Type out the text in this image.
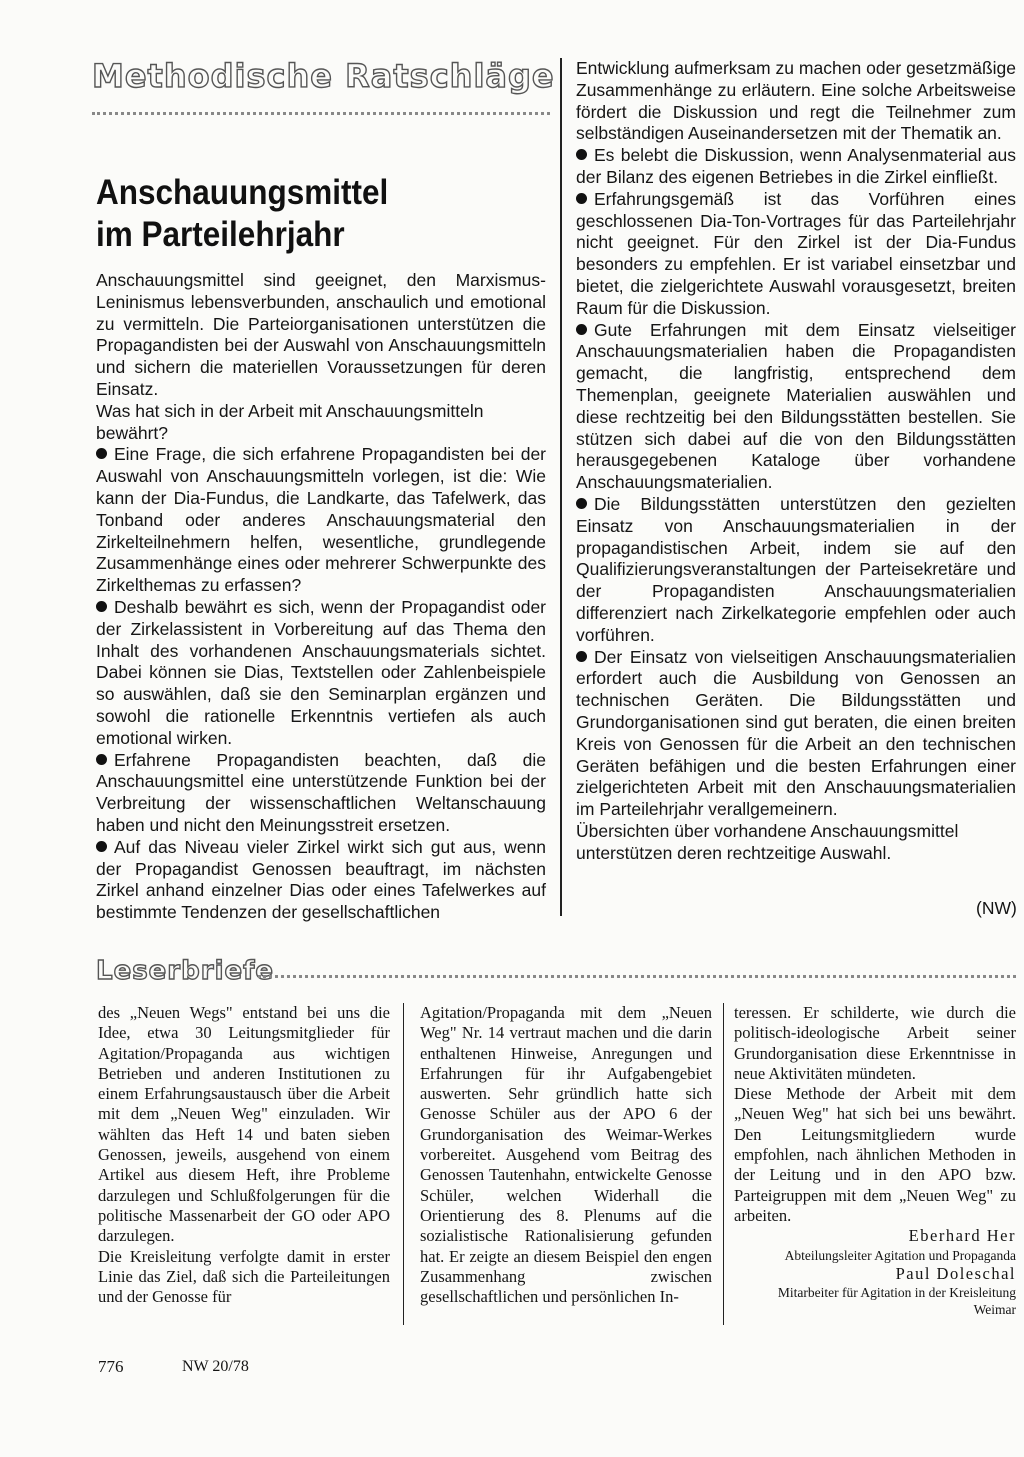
Methodische Ratschläge
Anschauungsmittel
im Parteilehrjahr

Anschauungsmittel sind geeignet, den Marxismus-Leninismus lebensverbunden, anschaulich und emotional zu vermitteln. Die Parteiorganisationen unterstützen die Propagandisten bei der Auswahl von Anschauungsmitteln und sichern die materiellen Voraussetzungen für deren Einsatz.

Was hat sich in der Arbeit mit Anschauungsmitteln bewährt?

Eine Frage, die sich erfahrene Propagandisten bei der Auswahl von Anschauungsmitteln vorlegen, ist die: Wie kann der Dia-Fundus, die Landkarte, das Tafelwerk, das Tonband oder anderes Anschauungsmaterial den Zirkelteilnehmern helfen, wesentliche, grundlegende Zusammenhänge eines oder mehrerer Schwerpunkte des Zirkelthemas zu erfassen?

Deshalb bewährt es sich, wenn der Propagandist oder der Zirkelassistent in Vorbereitung auf das Thema den Inhalt des vorhandenen Anschauungsmaterials sichtet. Dabei können sie Dias, Textstellen oder Zahlenbeispiele so auswählen, daß sie den Seminarplan ergänzen und sowohl die rationelle Erkenntnis vertiefen als auch emotional wirken.

Erfahrene Propagandisten beachten, daß die Anschauungsmittel eine unterstützende Funktion bei der Verbreitung der wissenschaftlichen Weltanschauung haben und nicht den Meinungsstreit ersetzen.

Auf das Niveau vieler Zirkel wirkt sich gut aus, wenn der Propagandist Genossen beauftragt, im nächsten Zirkel anhand einzelner Dias oder eines Tafelwerkes auf bestimmte Tendenzen der gesellschaftlichen

Entwicklung aufmerksam zu machen oder gesetzmäßige Zusammenhänge zu erläutern. Eine solche Arbeitsweise fördert die Diskussion und regt die Teilnehmer zum selbständigen Auseinandersetzen mit der Thematik an.

Es belebt die Diskussion, wenn Analysenmaterial aus der Bilanz des eigenen Betriebes in die Zirkel einfließt.

Erfahrungsgemäß ist das Vorführen eines geschlossenen Dia-Ton-Vortrages für das Parteilehrjahr nicht geeignet. Für den Zirkel ist der Dia-Fundus besonders zu empfehlen. Er ist variabel einsetzbar und bietet, die zielgerichtete Auswahl vorausgesetzt, breiten Raum für die Diskussion.

Gute Erfahrungen mit dem Einsatz vielseitiger Anschauungsmaterialien haben die Propagandisten gemacht, die langfristig, entsprechend dem Themenplan, geeignete Materialien auswählen und diese rechtzeitig bei den Bildungsstätten bestellen. Sie stützen sich dabei auf die von den Bildungsstätten herausgegebenen Kataloge über vorhandene Anschauungsmaterialien.

Die Bildungsstätten unterstützen den gezielten Einsatz von Anschauungsmaterialien in der propagandistischen Arbeit, indem sie auf den Qualifizierungsveranstaltungen der Parteisekretäre und der Propagandisten Anschauungsmaterialien differenziert nach Zirkelkategorie empfehlen oder auch vorführen.

Der Einsatz von vielseitigen Anschauungsmaterialien erfordert auch die Ausbildung von Genossen an technischen Geräten. Die Bildungsstätten und Grundorganisationen sind gut beraten, die einen breiten Kreis von Genossen für die Arbeit an den technischen Geräten befähigen und die besten Erfahrungen einer zielgerichteten Arbeit mit den Anschauungsmaterialien im Parteilehrjahr verallgemeinern.

Übersichten über vorhandene Anschauungsmittel unterstützen deren rechtzeitige Auswahl.

(NW)
Leserbriefe

des „Neuen Wegs" entstand bei uns die Idee, etwa 30 Leitungsmitglieder für Agitation/Propaganda aus wichtigen Betrieben und anderen Institutionen zu einem Erfahrungsaustausch über die Arbeit mit dem „Neuen Weg" einzuladen. Wir wählten das Heft 14 und baten sieben Genossen, jeweils, ausgehend von einem Artikel aus diesem Heft, ihre Probleme darzulegen und Schlußfolgerungen für die politische Massenarbeit der GO oder APO darzulegen.

Die Kreisleitung verfolgte damit in erster Linie das Ziel, daß sich die Parteileitungen und der Genosse für

Agitation/Propaganda mit dem „Neuen Weg" Nr. 14 vertraut machen und die darin enthaltenen Hinweise, Anregungen und Erfahrungen für ihr Aufgabengebiet auswerten. Sehr gründlich hatte sich Genosse Schüler aus der APO 6 der Grundorganisation des Weimar-Werkes vorbereitet. Ausgehend vom Beitrag des Genossen Tautenhahn, entwickelte Genosse Schüler, welchen Widerhall die Orientierung des 8. Plenums auf die sozialistische Rationalisierung gefunden hat. Er zeigte an diesem Beispiel den engen Zusammenhang zwischen gesellschaftlichen und persönlichen In-

teressen. Er schilderte, wie durch die politisch-ideologische Arbeit seiner Grundorganisation diese Erkenntnisse in neue Aktivitäten mündeten.

Diese Methode der Arbeit mit dem „Neuen Weg" hat sich bei uns bewährt. Den Leitungsmitgliedern wurde empfohlen, nach ähnlichen Methoden in der Leitung und in den APO bzw. Parteigruppen mit dem „Neuen Weg" zu arbeiten.

Eberhard Her

Abteilungsleiter Agitation und Propaganda

Paul Doleschal

Mitarbeiter für Agitation in der Kreisleitung Weimar

776	NW 20/78
